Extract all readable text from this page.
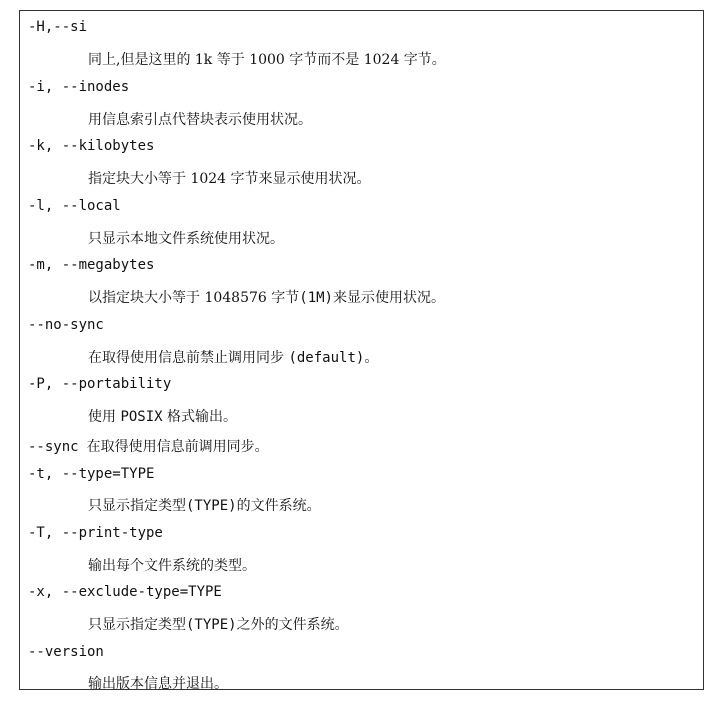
-H,--si
同上,但是这里的 1k 等于 1000 字节而不是 1024 字节。
-i, --inodes
用信息索引点代替块表示使用状况。
-k, --kilobytes
指定块大小等于 1024 字节来显示使用状况。
-l, --local
只显示本地文件系统使用状况。
-m, --megabytes
以指定块大小等于 1048576 字节(1M)来显示使用状况。
--no-sync
在取得使用信息前禁止调用同步 (default)。
-P, --portability
使用 POSIX 格式输出。
--sync 在取得使用信息前调用同步。
-t, --type=TYPE
只显示指定类型(TYPE)的文件系统。
-T, --print-type
输出每个文件系统的类型。
-x, --exclude-type=TYPE
只显示指定类型(TYPE)之外的文件系统。
--version
输出版本信息并退出。
